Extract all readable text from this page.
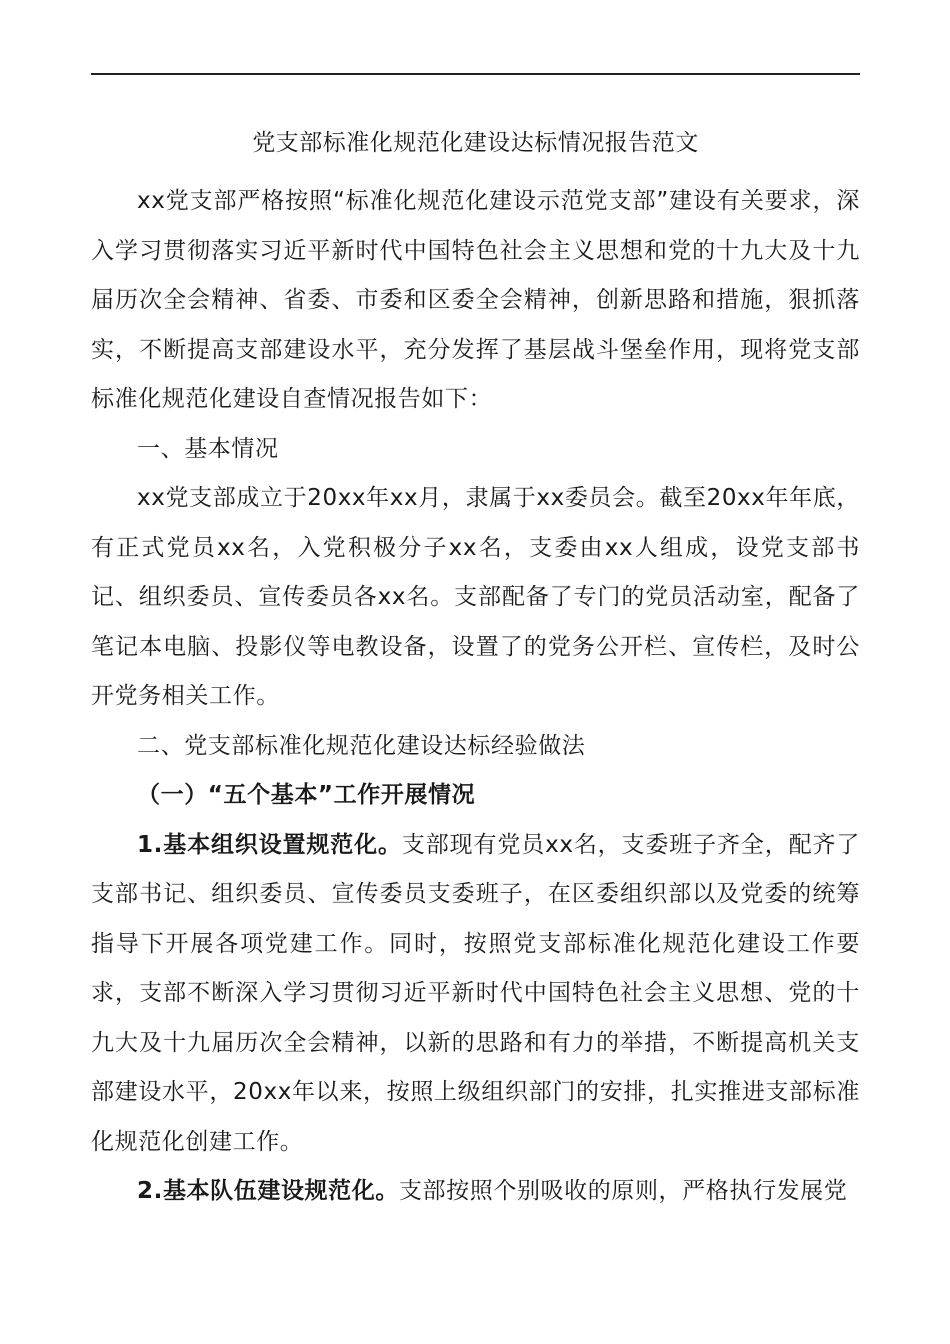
党支部标准化规范化建设达标情况报告范文

xx党支部严格按照“标准化规范化建设示范党支部”建设有关要求，深入学习贯彻落实习近平新时代中国特色社会主义思想和党的十九大及十九届历次全会精神、省委、市委和区委全会精神，创新思路和措施，狠抓落实，不断提高支部建设水平，充分发挥了基层战斗堡垒作用，现将党支部标准化规范化建设自查情况报告如下：

一、基本情况

xx党支部成立于20xx年xx月，隶属于xx委员会。截至20xx年年底，有正式党员xx名，入党积极分子xx名，支委由xx人组成，设党支部书记、组织委员、宣传委员各xx名。支部配备了专门的党员活动室，配备了笔记本电脑、投影仪等电教设备，设置了的党务公开栏、宣传栏，及时公开党务相关工作。

二、党支部标准化规范化建设达标经验做法

（一）“五个基本”工作开展情况

1.基本组织设置规范化。支部现有党员xx名，支委班子齐全，配齐了支部书记、组织委员、宣传委员支委班子，在区委组织部以及党委的统筹指导下开展各项党建工作。同时，按照党支部标准化规范化建设工作要求，支部不断深入学习贯彻习近平新时代中国特色社会主义思想、党的十九大及十九届历次全会精神，以新的思路和有力的举措，不断提高机关支部建设水平，20xx年以来，按照上级组织部门的安排，扎实推进支部标准化规范化创建工作。

2.基本队伍建设规范化。支部按照个别吸收的原则，严格执行发展党
